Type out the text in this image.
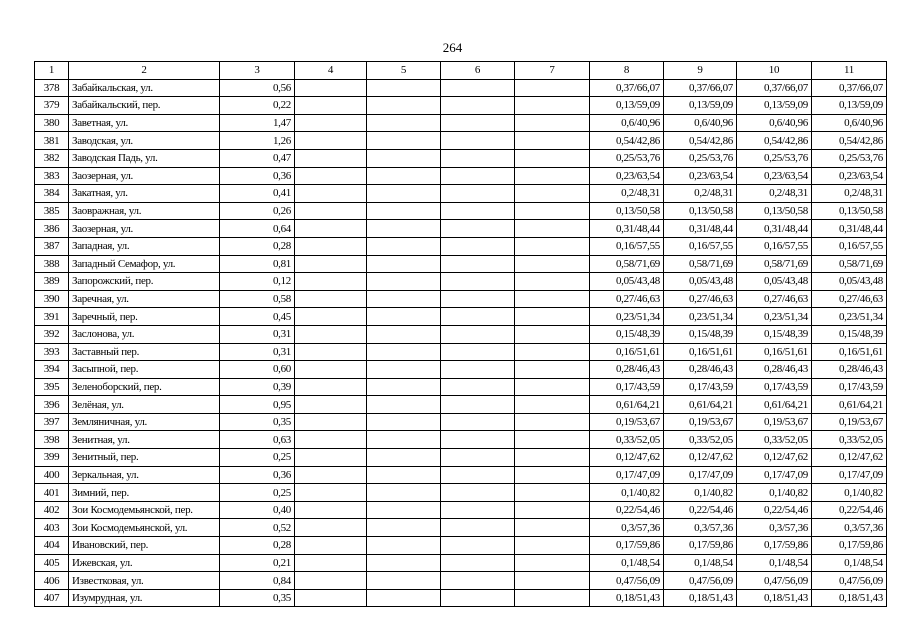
264
1	2	3	4	5	6	7	8	9	10	11
378	Забайкальская, ул.	0,56					0,37/66,07	0,37/66,07	0,37/66,07	0,37/66,07
379	Забайкальский, пер.	0,22					0,13/59,09	0,13/59,09	0,13/59,09	0,13/59,09
380	Заветная, ул.	1,47					0,6/40,96	0,6/40,96	0,6/40,96	0,6/40,96
381	Заводская, ул.	1,26					0,54/42,86	0,54/42,86	0,54/42,86	0,54/42,86
382	Заводская Падь, ул.	0,47					0,25/53,76	0,25/53,76	0,25/53,76	0,25/53,76
383	Заозерная, ул.	0,36					0,23/63,54	0,23/63,54	0,23/63,54	0,23/63,54
384	Закатная, ул.	0,41					0,2/48,31	0,2/48,31	0,2/48,31	0,2/48,31
385	Заовражная, ул.	0,26					0,13/50,58	0,13/50,58	0,13/50,58	0,13/50,58
386	Заозерная, ул.	0,64					0,31/48,44	0,31/48,44	0,31/48,44	0,31/48,44
387	Западная, ул.	0,28					0,16/57,55	0,16/57,55	0,16/57,55	0,16/57,55
388	Западный Семафор, ул.	0,81					0,58/71,69	0,58/71,69	0,58/71,69	0,58/71,69
389	Запорожский, пер.	0,12					0,05/43,48	0,05/43,48	0,05/43,48	0,05/43,48
390	Заречная, ул.	0,58					0,27/46,63	0,27/46,63	0,27/46,63	0,27/46,63
391	Заречный, пер.	0,45					0,23/51,34	0,23/51,34	0,23/51,34	0,23/51,34
392	Заслонова, ул.	0,31					0,15/48,39	0,15/48,39	0,15/48,39	0,15/48,39
393	Заставный пер.	0,31					0,16/51,61	0,16/51,61	0,16/51,61	0,16/51,61
394	Засыпной, пер.	0,60					0,28/46,43	0,28/46,43	0,28/46,43	0,28/46,43
395	Зеленоборский, пер.	0,39					0,17/43,59	0,17/43,59	0,17/43,59	0,17/43,59
396	Зелёная, ул.	0,95					0,61/64,21	0,61/64,21	0,61/64,21	0,61/64,21
397	Земляничная, ул.	0,35					0,19/53,67	0,19/53,67	0,19/53,67	0,19/53,67
398	Зенитная, ул.	0,63					0,33/52,05	0,33/52,05	0,33/52,05	0,33/52,05
399	Зенитный, пер.	0,25					0,12/47,62	0,12/47,62	0,12/47,62	0,12/47,62
400	Зеркальная, ул.	0,36					0,17/47,09	0,17/47,09	0,17/47,09	0,17/47,09
401	Зимний, пер.	0,25					0,1/40,82	0,1/40,82	0,1/40,82	0,1/40,82
402	Зои Космодемьянской, пер.	0,40					0,22/54,46	0,22/54,46	0,22/54,46	0,22/54,46
403	Зои Космодемьянской, ул.	0,52					0,3/57,36	0,3/57,36	0,3/57,36	0,3/57,36
404	Ивановский, пер.	0,28					0,17/59,86	0,17/59,86	0,17/59,86	0,17/59,86
405	Ижевская, ул.	0,21					0,1/48,54	0,1/48,54	0,1/48,54	0,1/48,54
406	Известковая, ул.	0,84					0,47/56,09	0,47/56,09	0,47/56,09	0,47/56,09
407	Изумрудная, ул.	0,35					0,18/51,43	0,18/51,43	0,18/51,43	0,18/51,43
